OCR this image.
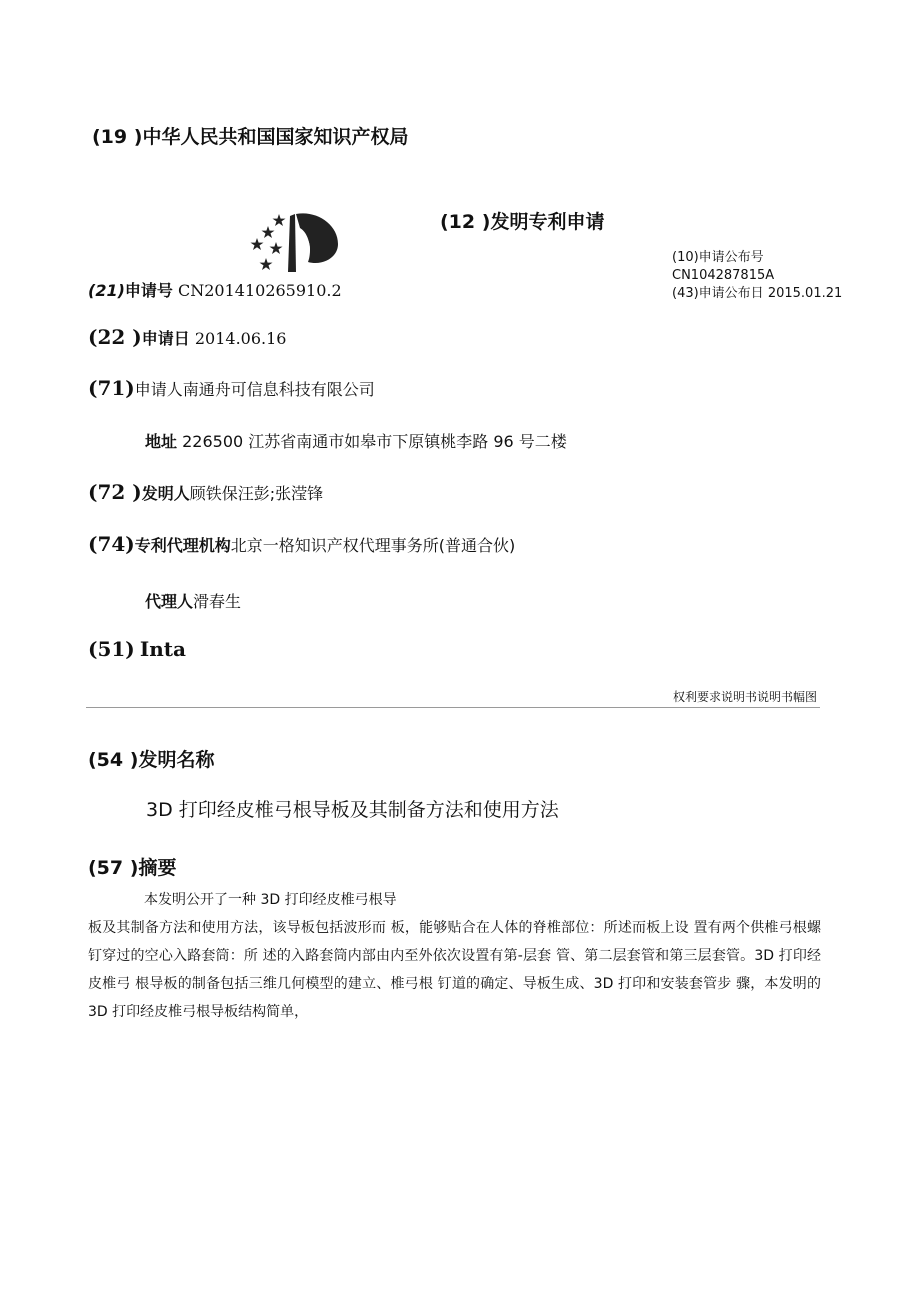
(19 )中华人民共和国国家知识产权局
(12 )发明专利申请
(10)申请公布号
CN104287815A
(43)申请公布日 2015.01.21
(21)申请号 CN201410265910.2
(22 )申请日 2014.06.16
(71)申请人南通舟可信息科技有限公司
地址 226500 江苏省南通市如皋市下原镇桃李路 96 号二楼
(72 )发明人顾铁保汪彭;张滢锋
(74)专利代理机构北京一格知识产权代理事务所(普通合伙)
代理人滑春生
(51) Inta
权利要求说明书说明书幅图
(54 )发明名称
3D 打印经皮椎弓根导板及其制备方法和使用方法
(57 )摘要

本发明公开了一种 3D 打印经皮椎弓根导

板及其制备方法和使用方法，该导板包括波形而 板，能够贴合在人体的脊椎部位：所述而板上设 置有两个供椎弓根螺钉穿过的空心入路套筒：所 述的入路套筒内部由内至外依次设置有第-层套 管、第二层套管和第三层套管。3D 打印经皮椎弓 根导板的制备包括三维几何模型的建立、椎弓根 钉道的确定、导板生成、3D 打印和安装套管步 骤，本发明的 3D 打印经皮椎弓根导板结构简单，
